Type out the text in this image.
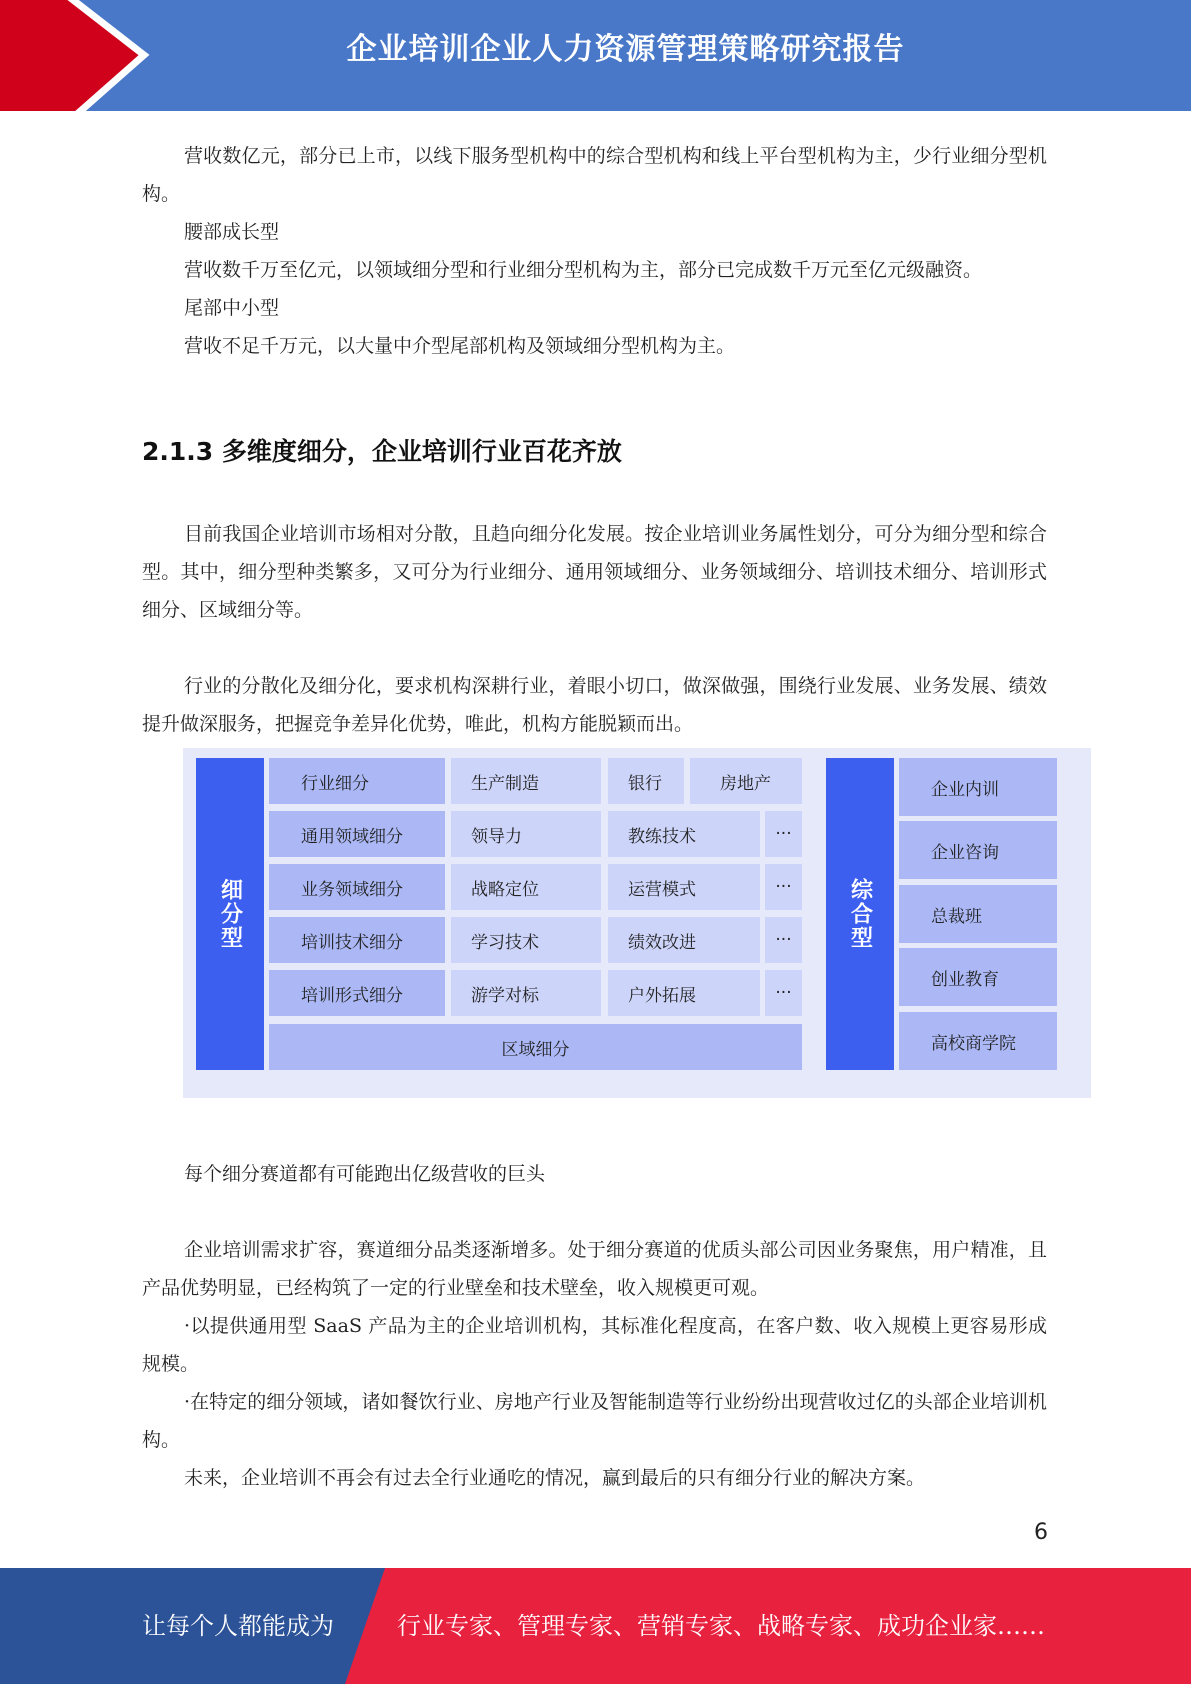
企业培训企业人力资源管理策略研究报告

营收数亿元，部分已上市，以线下服务型机构中的综合型机构和线上平台型机构为主，少行业细分型机构。

腰部成长型

营收数千万至亿元，以领域细分型和行业细分型机构为主，部分已完成数千万元至亿元级融资。

尾部中小型

营收不足千万元，以大量中介型尾部机构及领域细分型机构为主。

2.1.3 多维度细分，企业培训行业百花齐放

目前我国企业培训市场相对分散，且趋向细分化发展。按企业培训业务属性划分，可分为细分型和综合型。其中，细分型种类繁多，又可分为行业细分、通用领域细分、业务领域细分、培训技术细分、培训形式细分、区域细分等。

行业的分散化及细分化，要求机构深耕行业，着眼小切口，做深做强，围绕行业发展、业务发展、绩效提升做深服务，把握竞争差异化优势，唯此，机构方能脱颖而出。

细分型
行业细分	生产制造	银行	房地产
通用领域细分	领导力	教练技术	···
业务领域细分	战略定位	运营模式	···
培训技术细分	学习技术	绩效改进	···
培训形式细分	游学对标	户外拓展	···
区域细分
综合型
企业内训
企业咨询
总裁班
创业教育
高校商学院

每个细分赛道都有可能跑出亿级营收的巨头

企业培训需求扩容，赛道细分品类逐渐增多。处于细分赛道的优质头部公司因业务聚焦，用户精准，且产品优势明显，已经构筑了一定的行业壁垒和技术壁垒，收入规模更可观。

·以提供通用型 SaaS 产品为主的企业培训机构，其标准化程度高，在客户数、收入规模上更容易形成规模。

·在特定的细分领域，诸如餐饮行业、房地产行业及智能制造等行业纷纷出现营收过亿的头部企业培训机构。

未来，企业培训不再会有过去全行业通吃的情况，赢到最后的只有细分行业的解决方案。

6
让每个人都能成为	行业专家、管理专家、营销专家、战略专家、成功企业家……
